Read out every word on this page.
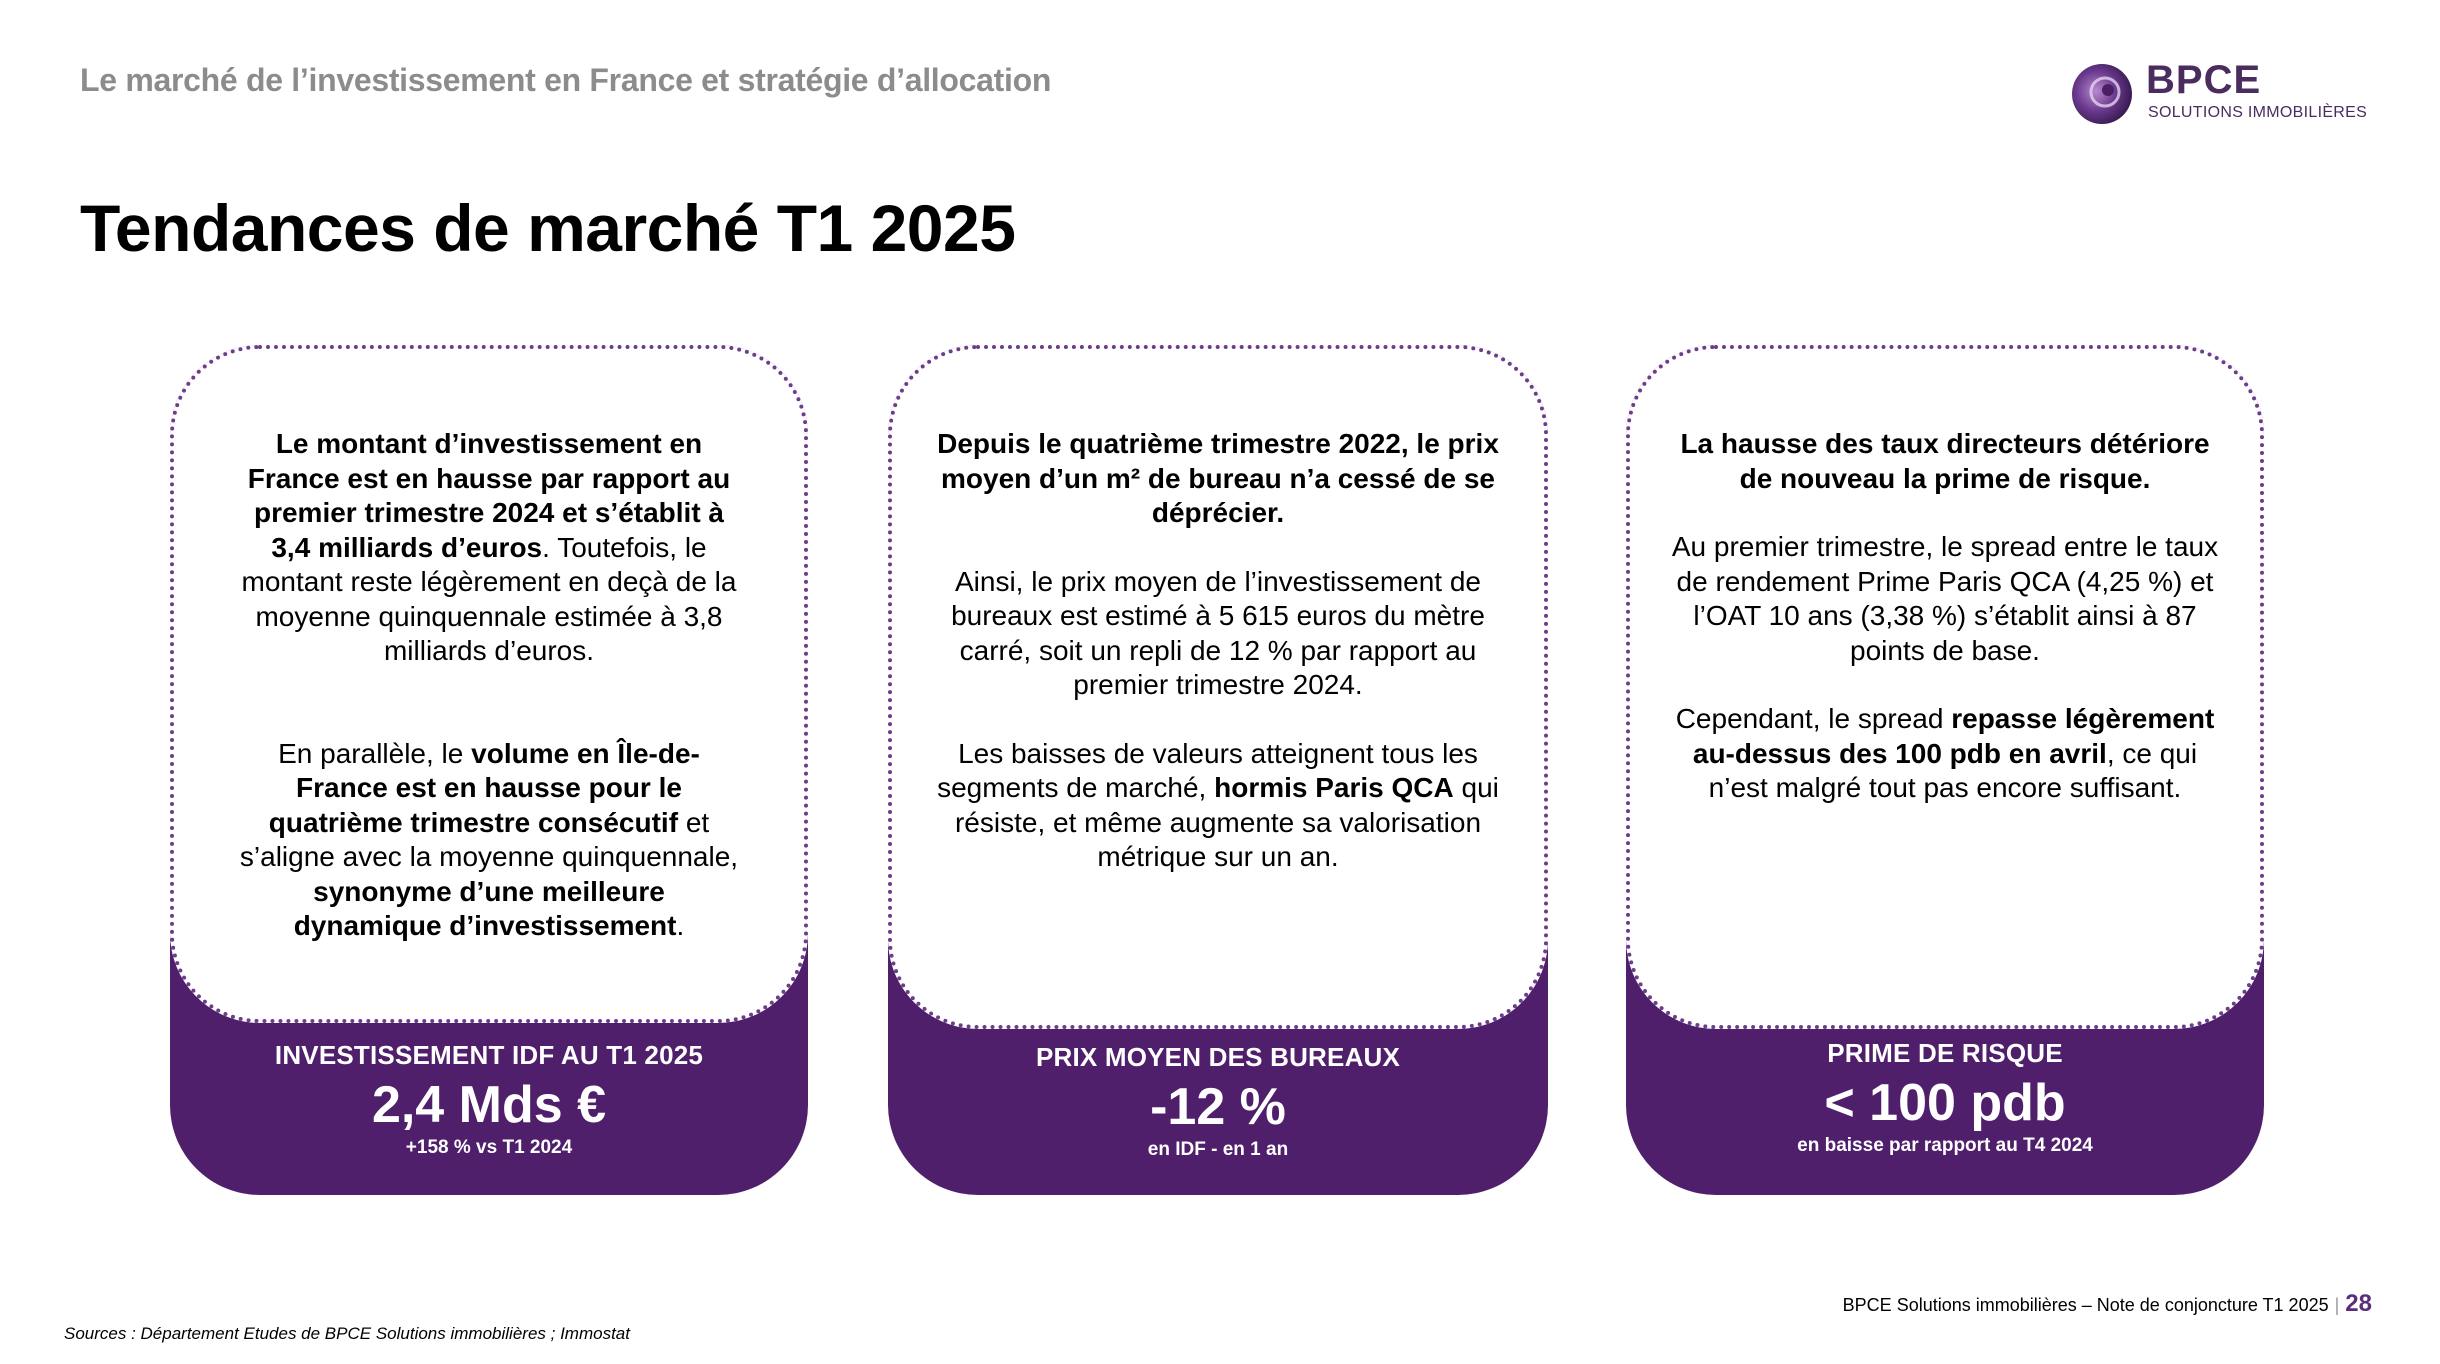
Le marché de l’investissement en France et stratégie d’allocation	BPCE
SOLUTIONS IMMOBILIÈRES
Tendances de marché T1 2025

Le montant d’investissement en France est en hausse par rapport au premier trimestre 2024 et s’établit à 3,4 milliards d’euros. Toutefois, le montant reste légèrement en deçà de la moyenne quinquennale estimée à 3,8 milliards d’euros.

En parallèle, le volume en Île-de-France est en hausse pour le quatrième trimestre consécutif et s’aligne avec la moyenne quinquennale, synonyme d’une meilleure dynamique d’investissement.

INVESTISSEMENT IDF AU T1 2025
2,4 Mds €
+158 % vs T1 2024

Depuis le quatrième trimestre 2022, le prix moyen d’un m² de bureau n’a cessé de se déprécier.

Ainsi, le prix moyen de l’investissement de bureaux est estimé à 5 615 euros du mètre carré, soit un repli de 12 % par rapport au premier trimestre 2024.

Les baisses de valeurs atteignent tous les segments de marché, hormis Paris QCA qui résiste, et même augmente sa valorisation métrique sur un an.

PRIX MOYEN DES BUREAUX
-12 %
en IDF - en 1 an

La hausse des taux directeurs détériore de nouveau la prime de risque.

Au premier trimestre, le spread entre le taux de rendement Prime Paris QCA (4,25 %) et l’OAT 10 ans (3,38 %) s’établit ainsi à 87 points de base.

Cependant, le spread repasse légèrement au-dessus des 100 pdb en avril, ce qui n’est malgré tout pas encore suffisant.

PRIME DE RISQUE
< 100 pdb
en baisse par rapport au T4 2024
BPCE Solutions immobilières – Note de conjoncture T1 2025 | 28
Sources : Département Etudes de BPCE Solutions immobilières ; Immostat
